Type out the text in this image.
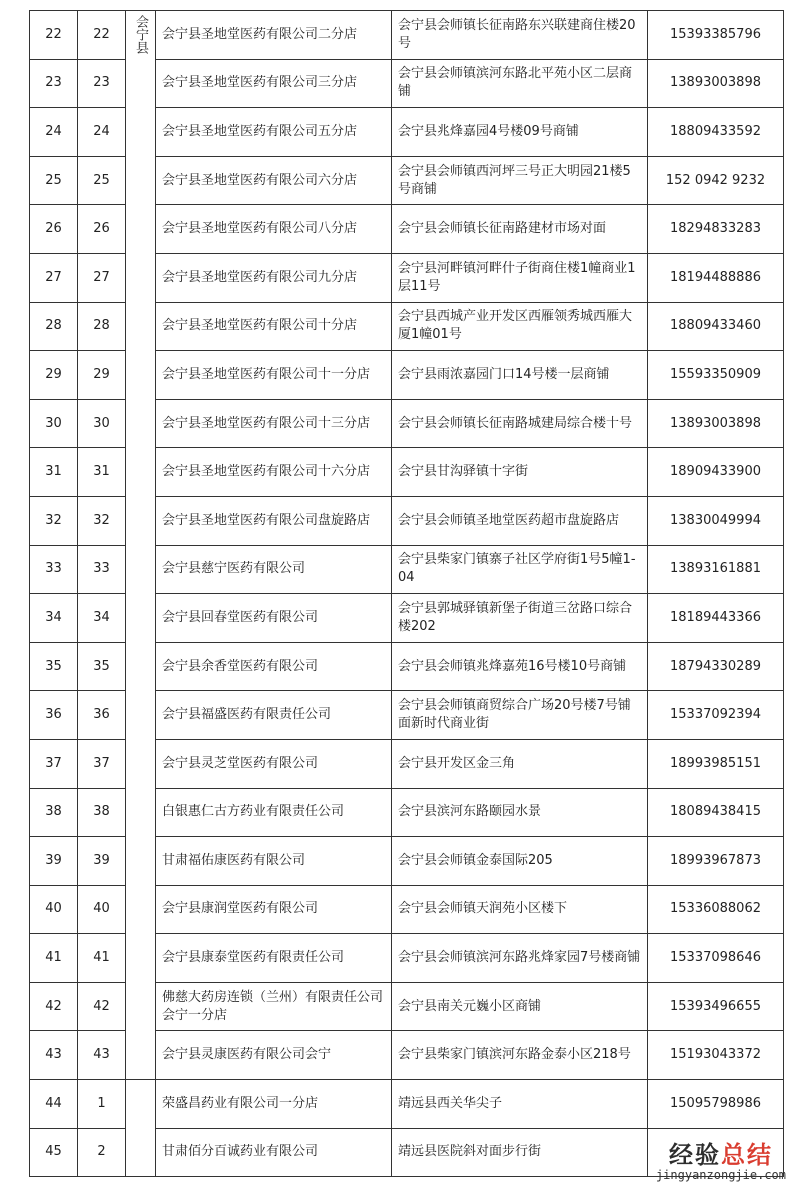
22	22	会宁县	会宁县圣地堂医药有限公司二分店	会宁县会师镇长征南路东兴联建商住楼20号	15393385796
23	23		会宁县圣地堂医药有限公司三分店	会宁县会师镇滨河东路北平苑小区二层商铺	13893003898
24	24		会宁县圣地堂医药有限公司五分店	会宁县兆烽嘉园4号楼09号商铺	18809433592
25	25		会宁县圣地堂医药有限公司六分店	会宁县会师镇西河坪三号正大明园21楼5号商铺	152 0942 9232
26	26		会宁县圣地堂医药有限公司八分店	会宁县会师镇长征南路建材市场对面	18294833283
27	27		会宁县圣地堂医药有限公司九分店	会宁县河畔镇河畔什子街商住楼1幢商业1层11号	18194488886
28	28		会宁县圣地堂医药有限公司十分店	会宁县西城产业开发区西雁领秀城西雁大厦1幢01号	18809433460
29	29		会宁县圣地堂医药有限公司十一分店	会宁县雨浓嘉园门口14号楼一层商铺	15593350909
30	30		会宁县圣地堂医药有限公司十三分店	会宁县会师镇长征南路城建局综合楼十号	13893003898
31	31		会宁县圣地堂医药有限公司十六分店	会宁县甘沟驿镇十字街	18909433900
32	32		会宁县圣地堂医药有限公司盘旋路店	会宁县会师镇圣地堂医药超市盘旋路店	13830049994
33	33		会宁县慈宁医药有限公司	会宁县柴家门镇寨子社区学府街1号5幢1-04	13893161881
34	34		会宁县回春堂医药有限公司	会宁县郭城驿镇新堡子街道三岔路口综合楼202	18189443366
35	35		会宁县余香堂医药有限公司	会宁县会师镇兆烽嘉苑16号楼10号商铺	18794330289
36	36		会宁县福盛医药有限责任公司	会宁县会师镇商贸综合广场20号楼7号铺面新时代商业街	15337092394
37	37		会宁县灵芝堂医药有限公司	会宁县开发区金三角	18993985151
38	38		白银惠仁古方药业有限责任公司	会宁县滨河东路颐园水景	18089438415
39	39		甘肃福佑康医药有限公司	会宁县会师镇金泰国际205	18993967873
40	40		会宁县康润堂医药有限公司	会宁县会师镇天润苑小区楼下	15336088062
41	41		会宁县康泰堂医药有限责任公司	会宁县会师镇滨河东路兆烽家园7号楼商铺	15337098646
42	42		佛慈大药房连锁（兰州）有限责任公司会宁一分店	会宁县南关元巍小区商铺	15393496655
43	43		会宁县灵康医药有限公司会宁	会宁县柴家门镇滨河东路金泰小区218号	15193043372
44	1		荣盛昌药业有限公司一分店	靖远县西关华尖子	15095798986
45	2		甘肃佰分百诚药业有限公司	靖远县医院斜对面步行街		经验总结
jingyanzongjie.com
